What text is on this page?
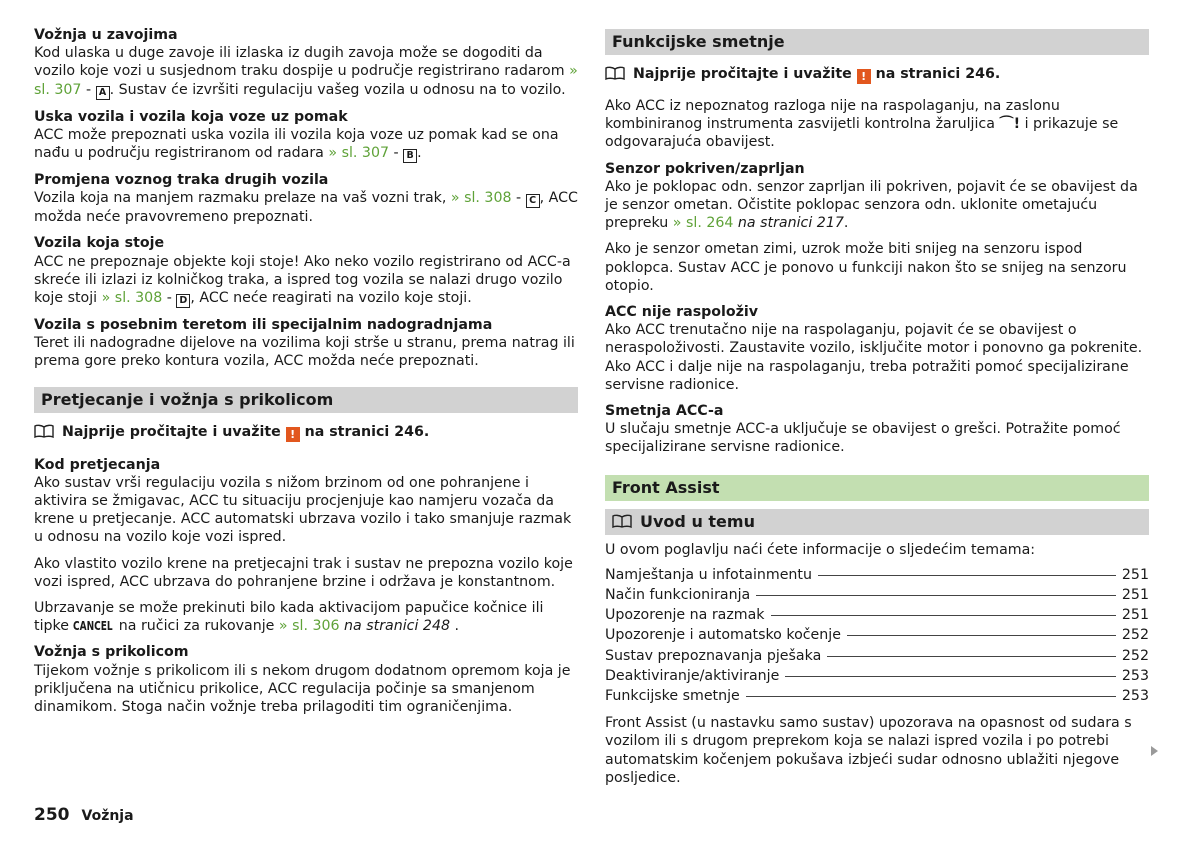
Vožnja u zavojima

Kod ulaska u duge zavoje ili izlaska iz dugih zavoja može se dogoditi da vozilo koje vozi u susjednom traku dospije u područje registrirano radarom » sl. 307 - A . Sustav će izvršiti regulaciju vašeg vozila u odnosu na to vozilo.

Uska vozila i vozila koja voze uz pomak

ACC može prepoznati uska vozila ili vozila koja voze uz pomak kad se ona nađu u području registriranom od radara » sl. 307 - B .

Promjena voznog traka drugih vozila

Vozila koja na manjem razmaku prelaze na vaš vozni trak, » sl. 308 - C , ACC možda neće pravovremeno prepoznati.

Vozila koja stoje

ACC ne prepoznaje objekte koji stoje! Ako neko vozilo registrirano od ACC-a skreće ili izlazi iz kolničkog traka, a ispred tog vozila se nalazi drugo vozilo koje stoji » sl. 308 - D , ACC neće reagirati na vozilo koje stoji.

Vozila s posebnim teretom ili specijalnim nadogradnjama

Teret ili nadogradne dijelove na vozilima koji strše u stranu, prema natrag ili prema gore preko kontura vozila, ACC možda neće prepoznati.

Pretjecanje i vožnja s prikolicom
Najprije pročitajte i uvažite ! na stranici 246.

Kod pretjecanja

Ako sustav vrši regulaciju vozila s nižom brzinom od one pohranjene i aktivira se žmigavac, ACC tu situaciju procjenjuje kao namjeru vozača da krene u pretjecanje. ACC automatski ubrzava vozilo i tako smanjuje razmak u odnosu na vozilo koje vozi ispred.

Ako vlastito vozilo krene na pretjecajni trak i sustav ne prepozna vozilo koje vozi ispred, ACC ubrzava do pohranjene brzine i održava je konstantnom.

Ubrzavanje se može prekinuti bilo kada aktivacijom papučice kočnice ili tipke CANCEL na ručici za rukovanje » sl. 306 na stranici 248 .

Vožnja s prikolicom

Tijekom vožnje s prikolicom ili s nekom drugom dodatnom opremom koja je priključena na utičnicu prikolice, ACC regulacija počinje sa smanjenom dinamikom. Stoga način vožnje treba prilagoditi tim ograničenjima.

Funkcijske smetnje
Najprije pročitajte i uvažite ! na stranici 246.

Ako ACC iz nepoznatog razloga nije na raspolaganju, na zaslonu kombiniranog instrumenta zasvijetli kontrolna žaruljica ⌒! i prikazuje se odgovarajuća obavijest.

Senzor pokriven/zaprljan

Ako je poklopac odn. senzor zaprljan ili pokriven, pojavit će se obavijest da je senzor ometan. Očistite poklopac senzora odn. uklonite ometajuću prepreku » sl. 264 na stranici 217.

Ako je senzor ometan zimi, uzrok može biti snijeg na senzoru ispod poklopca. Sustav ACC je ponovo u funkciji nakon što se snijeg na senzoru otopio.

ACC nije raspoloživ

Ako ACC trenutačno nije na raspolaganju, pojavit će se obavijest o neraspoloživosti. Zaustavite vozilo, isključite motor i ponovno ga pokrenite. Ako ACC i dalje nije na raspolaganju, treba potražiti pomoć specijalizirane servisne radionice.

Smetnja ACC-a

U slučaju smetnje ACC-a uključuje se obavijest o grešci. Potražite pomoć specijalizirane servisne radionice.

Front Assist
Uvod u temu

U ovom poglavlju naći ćete informacije o sljedećim temama:

Namještanja u infotainmentu	251
Način funkcioniranja	251
Upozorenje na razmak	251
Upozorenje i automatsko kočenje	252
Sustav prepoznavanja pješaka	252
Deaktiviranje/aktiviranje	253
Funkcijske smetnje	253

Front Assist (u nastavku samo sustav) upozorava na opasnost od sudara s vozilom ili s drugom preprekom koja se nalazi ispred vozila i po potrebi automatskim kočenjem pokušava izbjeći sudar odnosno ublažiti njegove posljedice.

250 Vožnja
